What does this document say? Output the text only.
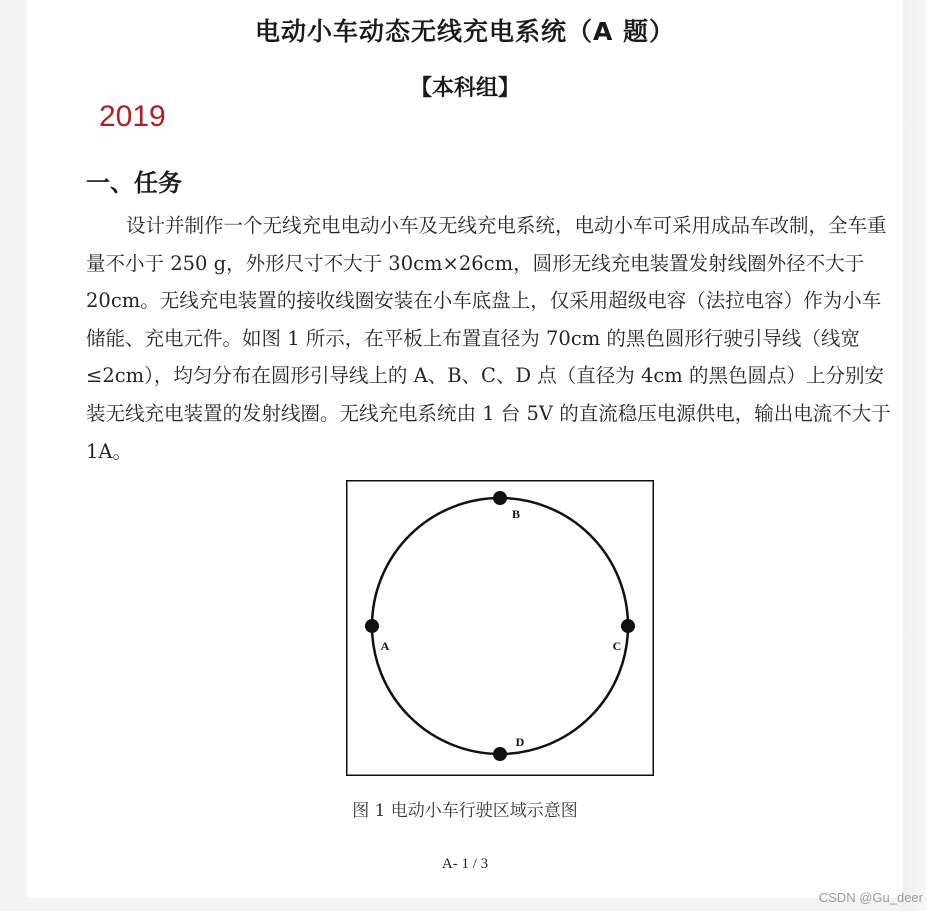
电动小车动态无线充电系统（A 题）
【本科组】
2019
一、任务

设计并制作一个无线充电电动小车及无线充电系统，电动小车可采用成品车改制，全车重量不小于 250 g，外形尺寸不大于 30cm×26cm，圆形无线充电装置发射线圈外径不大于 20cm。无线充电装置的接收线圈安装在小车底盘上，仅采用超级电容（法拉电容）作为小车储能、充电元件。如图 1 所示，在平板上布置直径为 70cm 的黑色圆形行驶引导线（线宽≤2cm），均匀分布在圆形引导线上的 A、B、C、D 点（直径为 4cm 的黑色圆点）上分别安装无线充电装置的发射线圈。无线充电系统由 1 台 5V 的直流稳压电源供电，输出电流不大于 1A。

B
A	C
D
图 1 电动小车行驶区域示意图
A- 1 / 3
CSDN @Gu_deer
